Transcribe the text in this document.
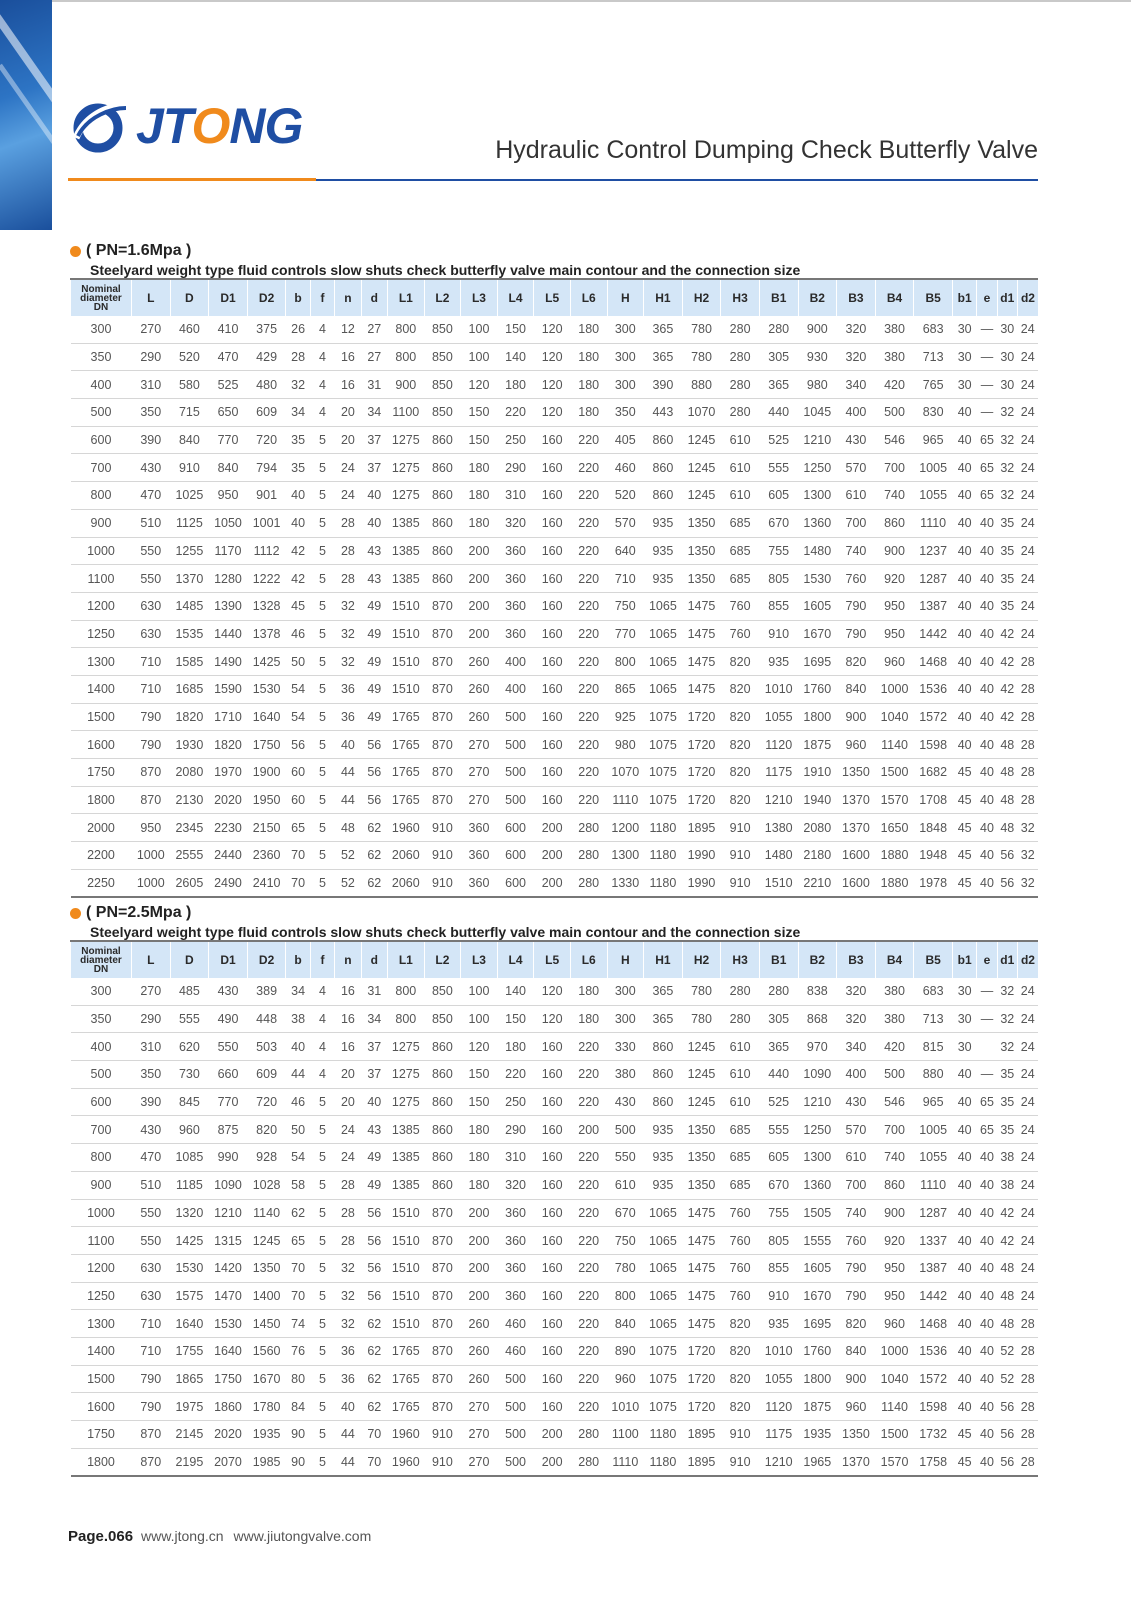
JTONG	Hydraulic Control Dumping Check Butterfly Valve
( PN=1.6Mpa )
Steelyard weight type fluid controls slow shuts check butterfly valve main contour and the connection size
Nominal
diameter
DN	L	D	D1	D2	b	f	n	d	L1	L2	L3	L4	L5	L6	H	H1	H2	H3	B1	B2	B3	B4	B5	b1	e	d1	d2
300	270	460	410	375	26	4	12	27	800	850	100	150	120	180	300	365	780	280	280	900	320	380	683	30	—	30	24
350	290	520	470	429	28	4	16	27	800	850	100	140	120	180	300	365	780	280	305	930	320	380	713	30	—	30	24
400	310	580	525	480	32	4	16	31	900	850	120	180	120	180	300	390	880	280	365	980	340	420	765	30	—	30	24
500	350	715	650	609	34	4	20	34	1100	850	150	220	120	180	350	443	1070	280	440	1045	400	500	830	40	—	32	24
600	390	840	770	720	35	5	20	37	1275	860	150	250	160	220	405	860	1245	610	525	1210	430	546	965	40	65	32	24
700	430	910	840	794	35	5	24	37	1275	860	180	290	160	220	460	860	1245	610	555	1250	570	700	1005	40	65	32	24
800	470	1025	950	901	40	5	24	40	1275	860	180	310	160	220	520	860	1245	610	605	1300	610	740	1055	40	65	32	24
900	510	1125	1050	1001	40	5	28	40	1385	860	180	320	160	220	570	935	1350	685	670	1360	700	860	1110	40	40	35	24
1000	550	1255	1170	1112	42	5	28	43	1385	860	200	360	160	220	640	935	1350	685	755	1480	740	900	1237	40	40	35	24
1100	550	1370	1280	1222	42	5	28	43	1385	860	200	360	160	220	710	935	1350	685	805	1530	760	920	1287	40	40	35	24
1200	630	1485	1390	1328	45	5	32	49	1510	870	200	360	160	220	750	1065	1475	760	855	1605	790	950	1387	40	40	35	24
1250	630	1535	1440	1378	46	5	32	49	1510	870	200	360	160	220	770	1065	1475	760	910	1670	790	950	1442	40	40	42	24
1300	710	1585	1490	1425	50	5	32	49	1510	870	260	400	160	220	800	1065	1475	820	935	1695	820	960	1468	40	40	42	28
1400	710	1685	1590	1530	54	5	36	49	1510	870	260	400	160	220	865	1065	1475	820	1010	1760	840	1000	1536	40	40	42	28
1500	790	1820	1710	1640	54	5	36	49	1765	870	260	500	160	220	925	1075	1720	820	1055	1800	900	1040	1572	40	40	42	28
1600	790	1930	1820	1750	56	5	40	56	1765	870	270	500	160	220	980	1075	1720	820	1120	1875	960	1140	1598	40	40	48	28
1750	870	2080	1970	1900	60	5	44	56	1765	870	270	500	160	220	1070	1075	1720	820	1175	1910	1350	1500	1682	45	40	48	28
1800	870	2130	2020	1950	60	5	44	56	1765	870	270	500	160	220	1110	1075	1720	820	1210	1940	1370	1570	1708	45	40	48	28
2000	950	2345	2230	2150	65	5	48	62	1960	910	360	600	200	280	1200	1180	1895	910	1380	2080	1370	1650	1848	45	40	48	32
2200	1000	2555	2440	2360	70	5	52	62	2060	910	360	600	200	280	1300	1180	1990	910	1480	2180	1600	1880	1948	45	40	56	32
2250	1000	2605	2490	2410	70	5	52	62	2060	910	360	600	200	280	1330	1180	1990	910	1510	2210	1600	1880	1978	45	40	56	32
( PN=2.5Mpa )
Steelyard weight type fluid controls slow shuts check butterfly valve main contour and the connection size
Nominal
diameter
DN	L	D	D1	D2	b	f	n	d	L1	L2	L3	L4	L5	L6	H	H1	H2	H3	B1	B2	B3	B4	B5	b1	e	d1	d2
300	270	485	430	389	34	4	16	31	800	850	100	140	120	180	300	365	780	280	280	838	320	380	683	30	—	32	24
350	290	555	490	448	38	4	16	34	800	850	100	150	120	180	300	365	780	280	305	868	320	380	713	30	—	32	24
400	310	620	550	503	40	4	16	37	1275	860	120	180	160	220	330	860	1245	610	365	970	340	420	815	30		32	24
500	350	730	660	609	44	4	20	37	1275	860	150	220	160	220	380	860	1245	610	440	1090	400	500	880	40	—	35	24
600	390	845	770	720	46	5	20	40	1275	860	150	250	160	220	430	860	1245	610	525	1210	430	546	965	40	65	35	24
700	430	960	875	820	50	5	24	43	1385	860	180	290	160	200	500	935	1350	685	555	1250	570	700	1005	40	65	35	24
800	470	1085	990	928	54	5	24	49	1385	860	180	310	160	220	550	935	1350	685	605	1300	610	740	1055	40	40	38	24
900	510	1185	1090	1028	58	5	28	49	1385	860	180	320	160	220	610	935	1350	685	670	1360	700	860	1110	40	40	38	24
1000	550	1320	1210	1140	62	5	28	56	1510	870	200	360	160	220	670	1065	1475	760	755	1505	740	900	1287	40	40	42	24
1100	550	1425	1315	1245	65	5	28	56	1510	870	200	360	160	220	750	1065	1475	760	805	1555	760	920	1337	40	40	42	24
1200	630	1530	1420	1350	70	5	32	56	1510	870	200	360	160	220	780	1065	1475	760	855	1605	790	950	1387	40	40	48	24
1250	630	1575	1470	1400	70	5	32	56	1510	870	200	360	160	220	800	1065	1475	760	910	1670	790	950	1442	40	40	48	24
1300	710	1640	1530	1450	74	5	32	62	1510	870	260	460	160	220	840	1065	1475	820	935	1695	820	960	1468	40	40	48	28
1400	710	1755	1640	1560	76	5	36	62	1765	870	260	460	160	220	890	1075	1720	820	1010	1760	840	1000	1536	40	40	52	28
1500	790	1865	1750	1670	80	5	36	62	1765	870	260	500	160	220	960	1075	1720	820	1055	1800	900	1040	1572	40	40	52	28
1600	790	1975	1860	1780	84	5	40	62	1765	870	270	500	160	220	1010	1075	1720	820	1120	1875	960	1140	1598	40	40	56	28
1750	870	2145	2020	1935	90	5	44	70	1960	910	270	500	200	280	1100	1180	1895	910	1175	1935	1350	1500	1732	45	40	56	28
1800	870	2195	2070	1985	90	5	44	70	1960	910	270	500	200	280	1110	1180	1895	910	1210	1965	1370	1570	1758	45	40	56	28
Page.066 www.jtong.cn www.jiutongvalve.com
